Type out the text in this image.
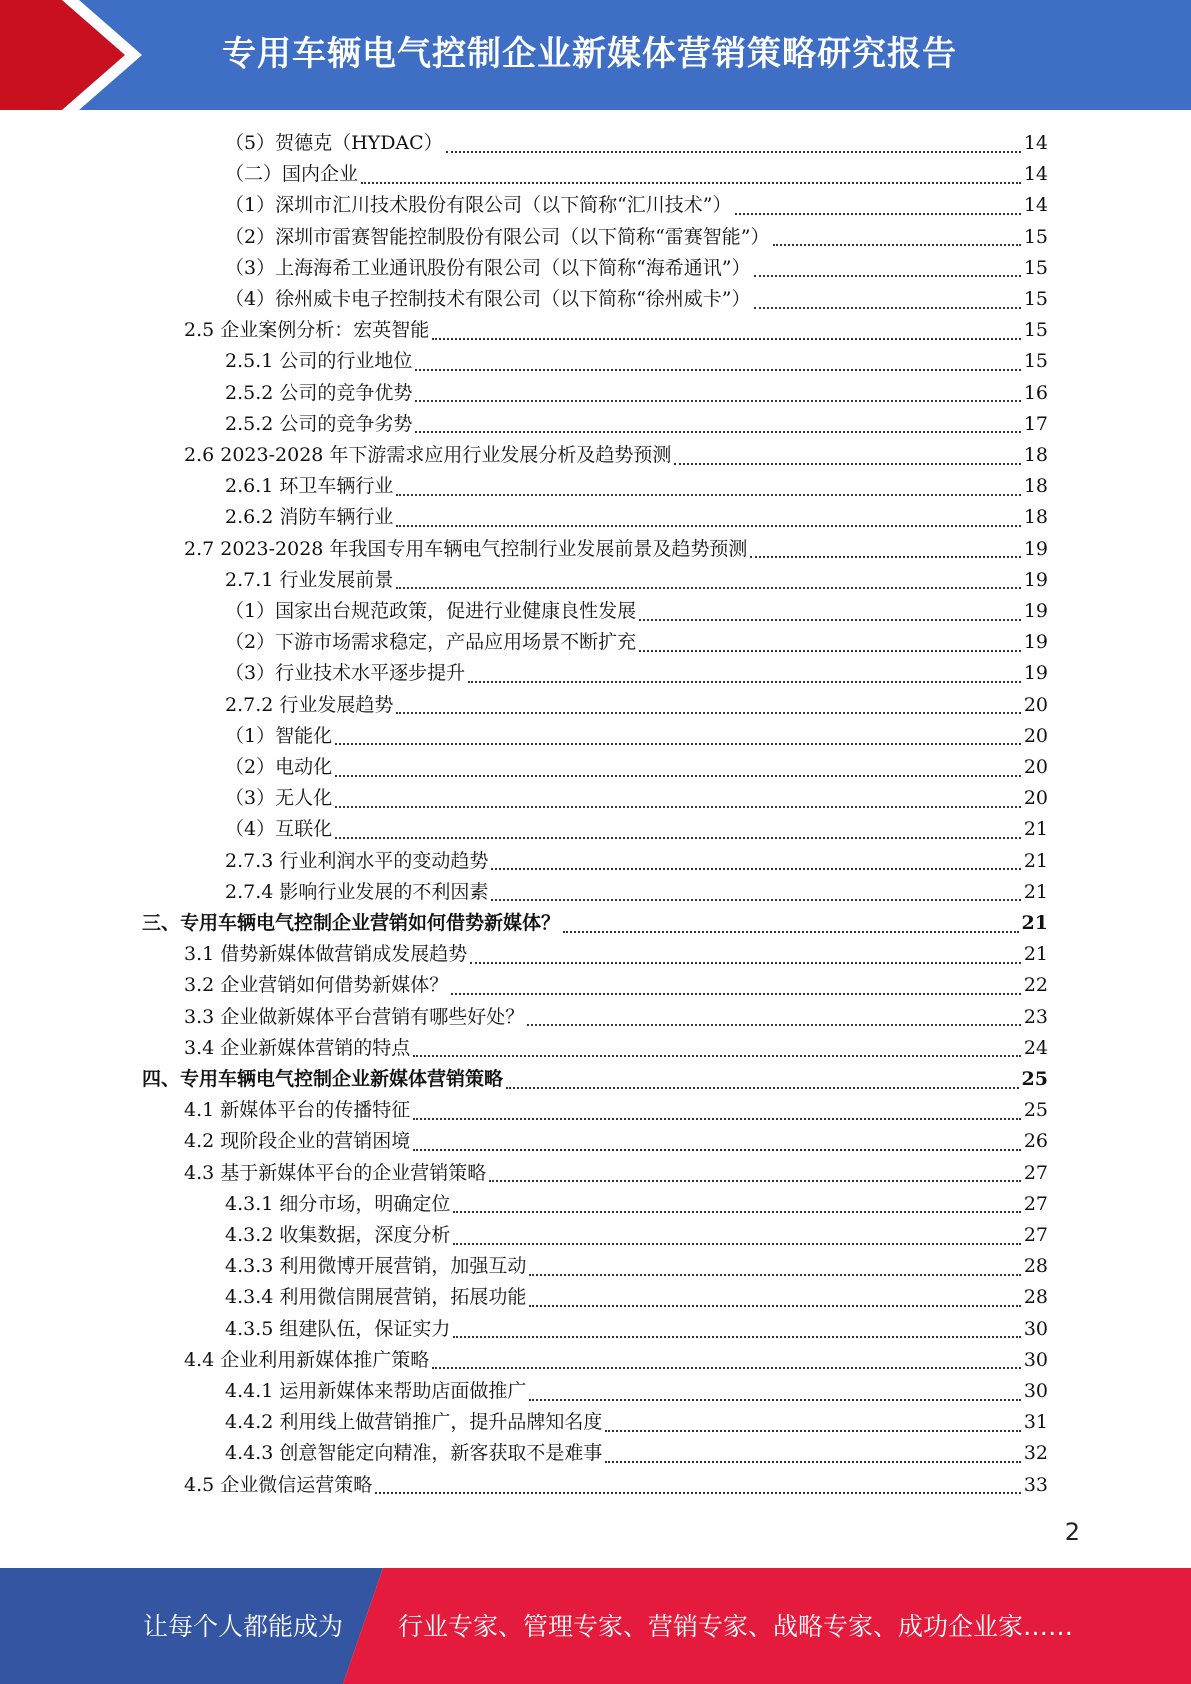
专用车辆电气控制企业新媒体营销策略研究报告
（5）贺德克（HYDAC）	14
（二）国内企业	14
（1）深圳市汇川技术股份有限公司（以下简称“汇川技术”）	14
（2）深圳市雷赛智能控制股份有限公司（以下简称“雷赛智能”）	15
（3）上海海希工业通讯股份有限公司（以下简称“海希通讯”）	15
（4）徐州威卡电子控制技术有限公司（以下简称“徐州威卡”）	15
2.5 企业案例分析：宏英智能	15
2.5.1 公司的行业地位	15
2.5.2 公司的竞争优势	16
2.5.2 公司的竞争劣势	17
2.6 2023-2028 年下游需求应用行业发展分析及趋势预测	18
2.6.1 环卫车辆行业	18
2.6.2 消防车辆行业	18
2.7 2023-2028 年我国专用车辆电气控制行业发展前景及趋势预测	19
2.7.1 行业发展前景	19
（1）国家出台规范政策，促进行业健康良性发展	19
（2）下游市场需求稳定，产品应用场景不断扩充	19
（3）行业技术水平逐步提升	19
2.7.2 行业发展趋势	20
（1）智能化	20
（2）电动化	20
（3）无人化	20
（4）互联化	21
2.7.3 行业利润水平的变动趋势	21
2.7.4 影响行业发展的不利因素	21
三、专用车辆电气控制企业营销如何借势新媒体？	21
3.1 借势新媒体做营销成发展趋势	21
3.2 企业营销如何借势新媒体？	22
3.3 企业做新媒体平台营销有哪些好处？	23
3.4 企业新媒体营销的特点	24
四、专用车辆电气控制企业新媒体营销策略	25
4.1 新媒体平台的传播特征	25
4.2 现阶段企业的营销困境	26
4.3 基于新媒体平台的企业营销策略	27
4.3.1 细分市场，明确定位	27
4.3.2 收集数据，深度分析	27
4.3.3 利用微博开展营销，加强互动	28
4.3.4 利用微信開展营销，拓展功能	28
4.3.5 组建队伍，保证实力	30
4.4 企业利用新媒体推广策略	30
4.4.1 运用新媒体来帮助店面做推广	30
4.4.2 利用线上做营销推广，提升品牌知名度	31
4.4.3 创意智能定向精准，新客获取不是难事	32
4.5 企业微信运营策略	33
2
让每个人都能成为 行业专家、管理专家、营销专家、战略专家、成功企业家……
